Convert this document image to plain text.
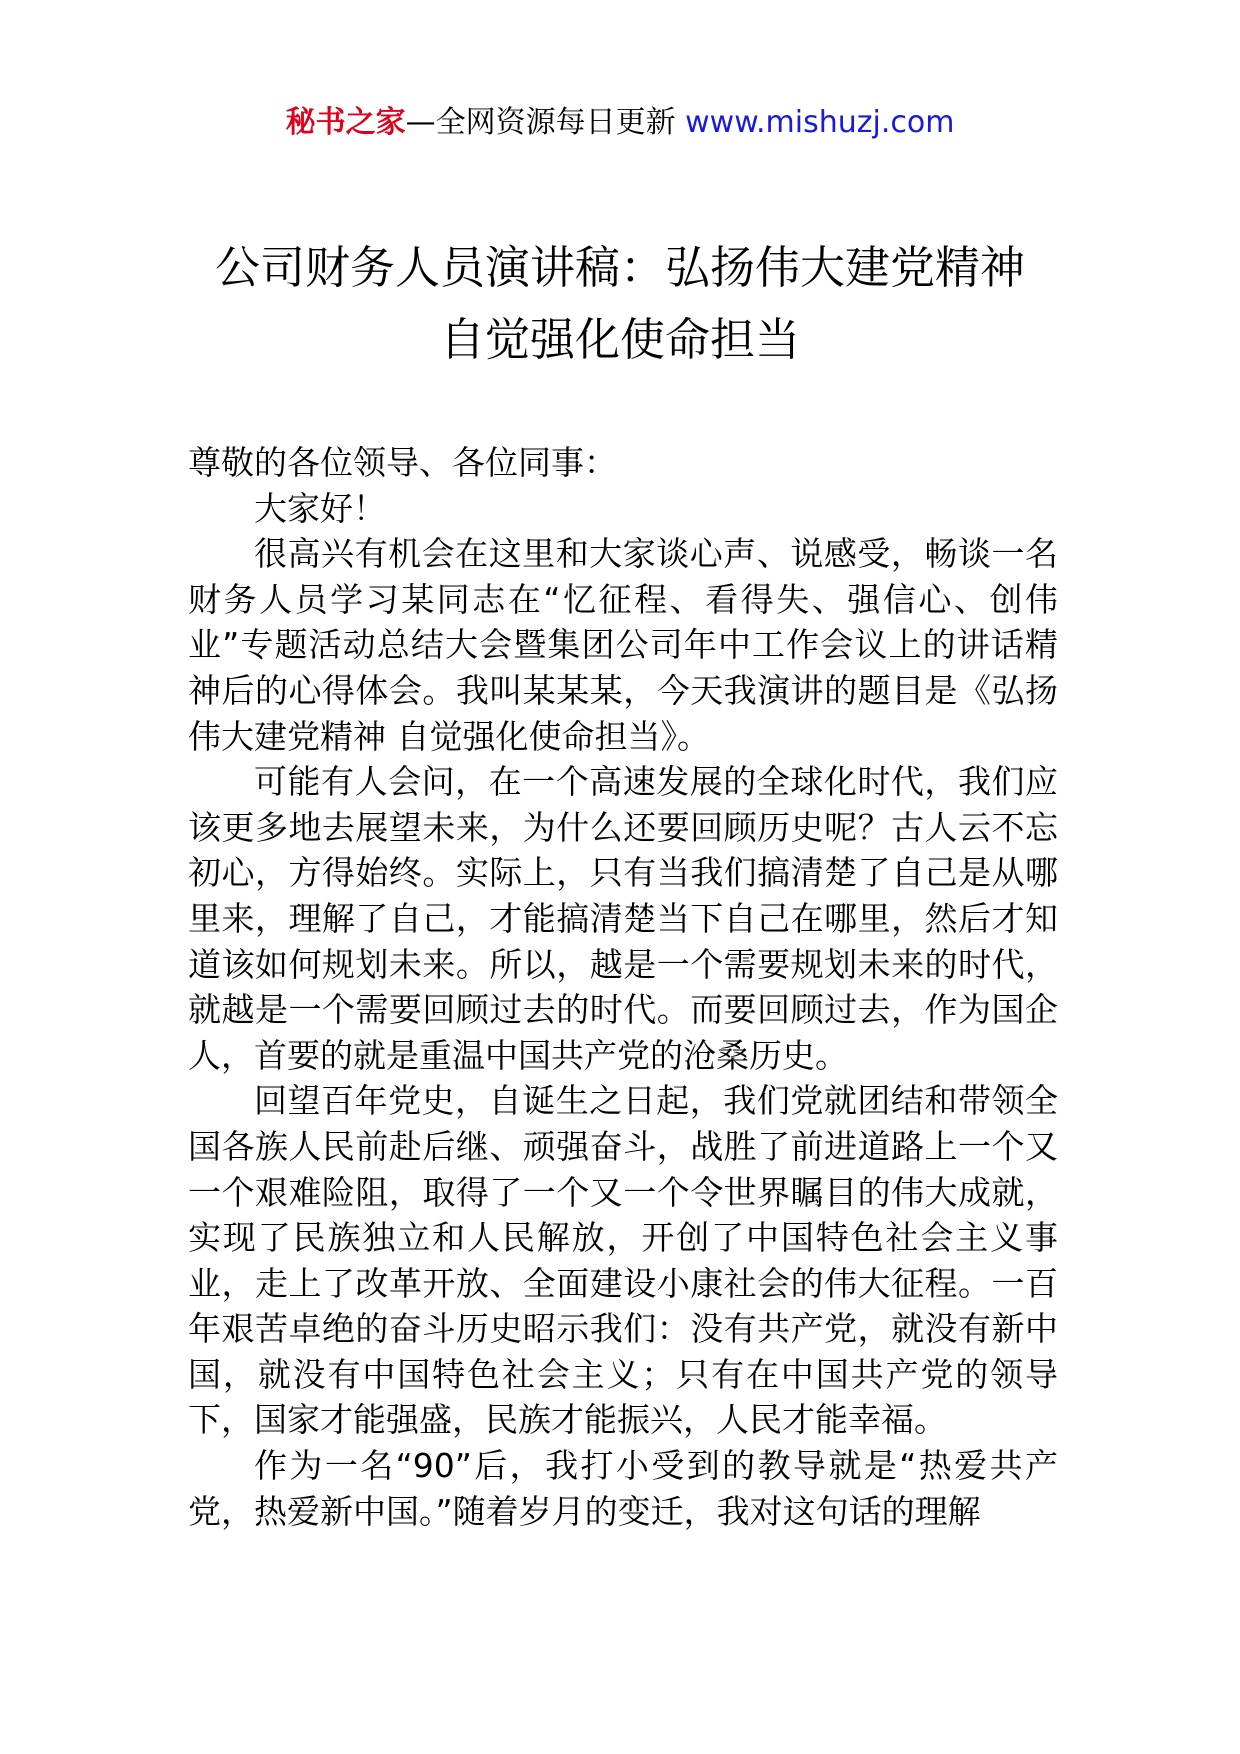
秘书之家—全网资源每日更新 www.mishuzj.com
公司财务人员演讲稿：弘扬伟大建党精神
自觉强化使命担当

尊敬的各位领导、各位同事：

大家好！

很高兴有机会在这里和大家谈心声、说感受，畅谈一名财务人员学习某同志在“忆征程、看得失、强信心、创伟业”专题活动总结大会暨集团公司年中工作会议上的讲话精神后的心得体会。我叫某某某，今天我演讲的题目是《弘扬伟大建党精神 自觉强化使命担当》。

可能有人会问，在一个高速发展的全球化时代，我们应该更多地去展望未来，为什么还要回顾历史呢？古人云不忘初心，方得始终。实际上，只有当我们搞清楚了自己是从哪里来，理解了自己，才能搞清楚当下自己在哪里，然后才知道该如何规划未来。所以，越是一个需要规划未来的时代，就越是一个需要回顾过去的时代。而要回顾过去，作为国企人，首要的就是重温中国共产党的沧桑历史。

回望百年党史，自诞生之日起，我们党就团结和带领全国各族人民前赴后继、顽强奋斗，战胜了前进道路上一个又一个艰难险阻，取得了一个又一个令世界瞩目的伟大成就，实现了民族独立和人民解放，开创了中国特色社会主义事业，走上了改革开放、全面建设小康社会的伟大征程。一百年艰苦卓绝的奋斗历史昭示我们：没有共产党，就没有新中国，就没有中国特色社会主义；只有在中国共产党的领导下，国家才能强盛，民族才能振兴，人民才能幸福。

作为一名“90”后，我打小受到的教导就是“热爱共产党，热爱新中国。”随着岁月的变迁，我对这句话的理解
